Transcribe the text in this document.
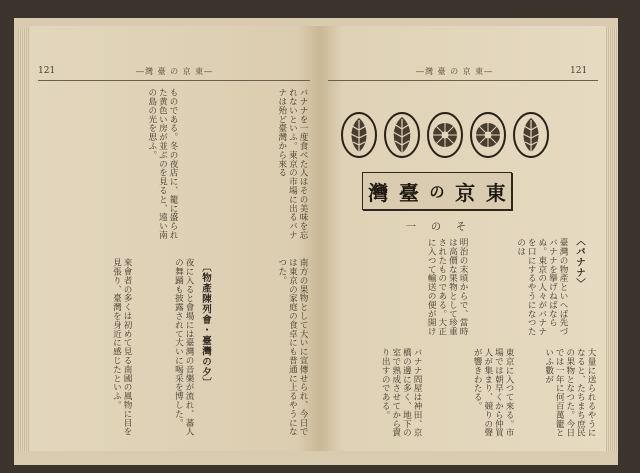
121	―灣 臺 の 京 東―
バナナを一度食べた人はその美味を忘れないといふ。東京の市場に出るバナナは殆ど臺灣から來る
ものである。冬の夜店に、籠に盛られた黄色い房が並ぶのを見ると、遠い南の島の光を思ふ。
南方の果物として大いに宣傳せられ、今日では東京の家庭の食卓にも普通に上るやうになつた。
〔物產陳列會・臺灣の夕〕
夜に入ると會場には臺灣の音樂が流れ、蕃人の舞踊も披露されて大いに喝采を博した。
來會者の多くは初めて見る南國の風物に目を見張り、臺灣を身近に感じたといふ。
―灣 臺 の 京 東―	121
灣 臺 の 京 東
一 の そ
〈バナナ〉
臺灣の物產といへば先づバナナを擧げねばならぬ。東京の人々がバナナを口にするやうになつたのは
明治の末頃からで、當時は高價な果物として珍重されたものである。大正に入つて輸送の便が開け
大量に送られるやうになると、たちまち庶民の果物となつた。今日では一年に何百萬籠といふ數が
東京に入つて來る。市場では朝早くから仲買人が集まり、競りの聲が響きわたる。
バナナ問屋は神田、京橋の邊に多く、地下の室で熟成させてから賣り出すのである。
